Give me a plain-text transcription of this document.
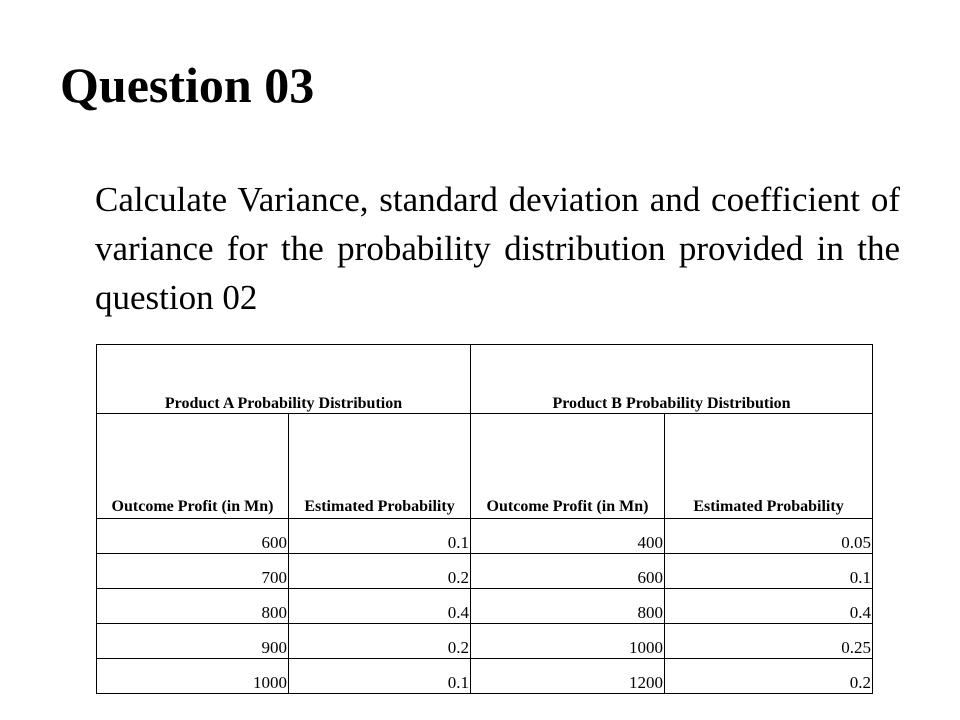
Question 03

Calculate Variance, standard deviation and coefficient of variance for the probability distribution provided in the question 02

Product A Probability Distribution		Product B Probability Distribution	
Outcome Profit (in Mn)	Estimated Probability	Outcome Profit (in Mn)	Estimated Probability
600	0.1	400	0.05
700	0.2	600	0.1
800	0.4	800	0.4
900	0.2	1000	0.25
1000	0.1	1200	0.2
